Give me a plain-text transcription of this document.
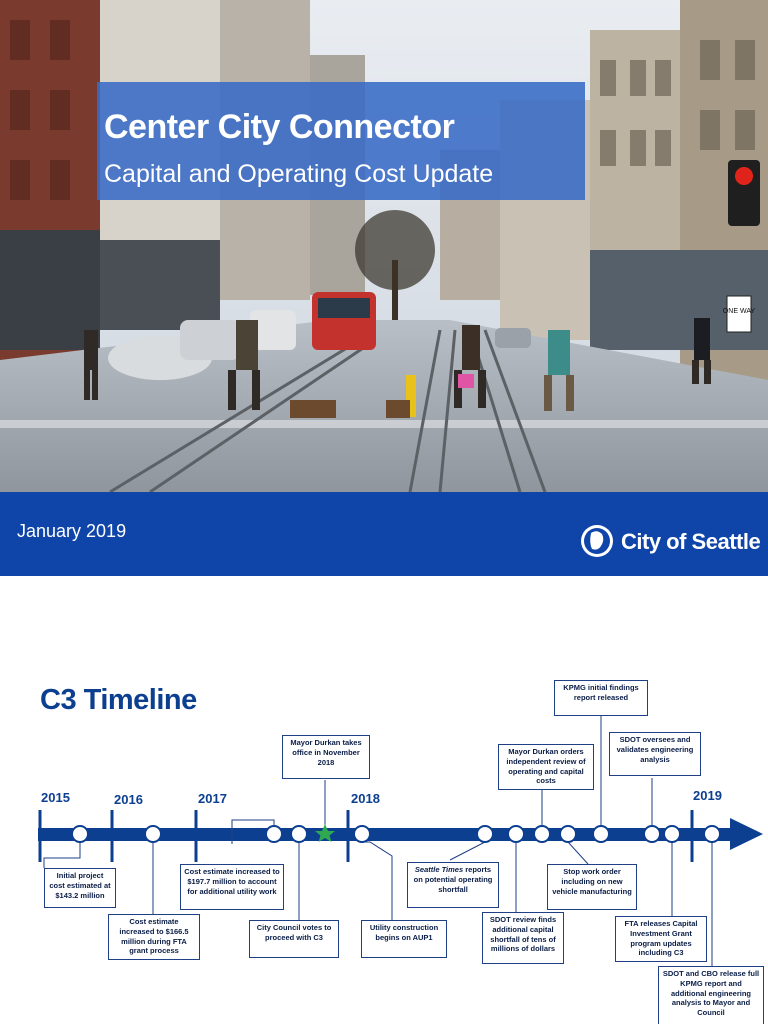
ONE WAY
Center City Connector
Capital and Operating Cost Update
January 2019	City of Seattle
C3 Timeline
2015	2016	2017	2018	2019
Initial project cost estimated at $143.2 million
Cost estimate increased to $166.5 million during FTA grant process
Cost estimate increased to $197.7 million to account for additional utility work
City Council votes to proceed with C3
Mayor Durkan takes office in November 2018
Utility construction begins on AUP1
Seattle Times reports on potential operating shortfall
SDOT review finds additional capital shortfall of tens of millions of dollars
Mayor Durkan orders independent review of operating and capital costs
Stop work order including on new vehicle manufacturing
KPMG initial findings report released
SDOT oversees and validates engineering analysis
FTA releases Capital Investment Grant program updates including C3
SDOT and CBO release full KPMG report and additional engineering analysis to Mayor and Council
